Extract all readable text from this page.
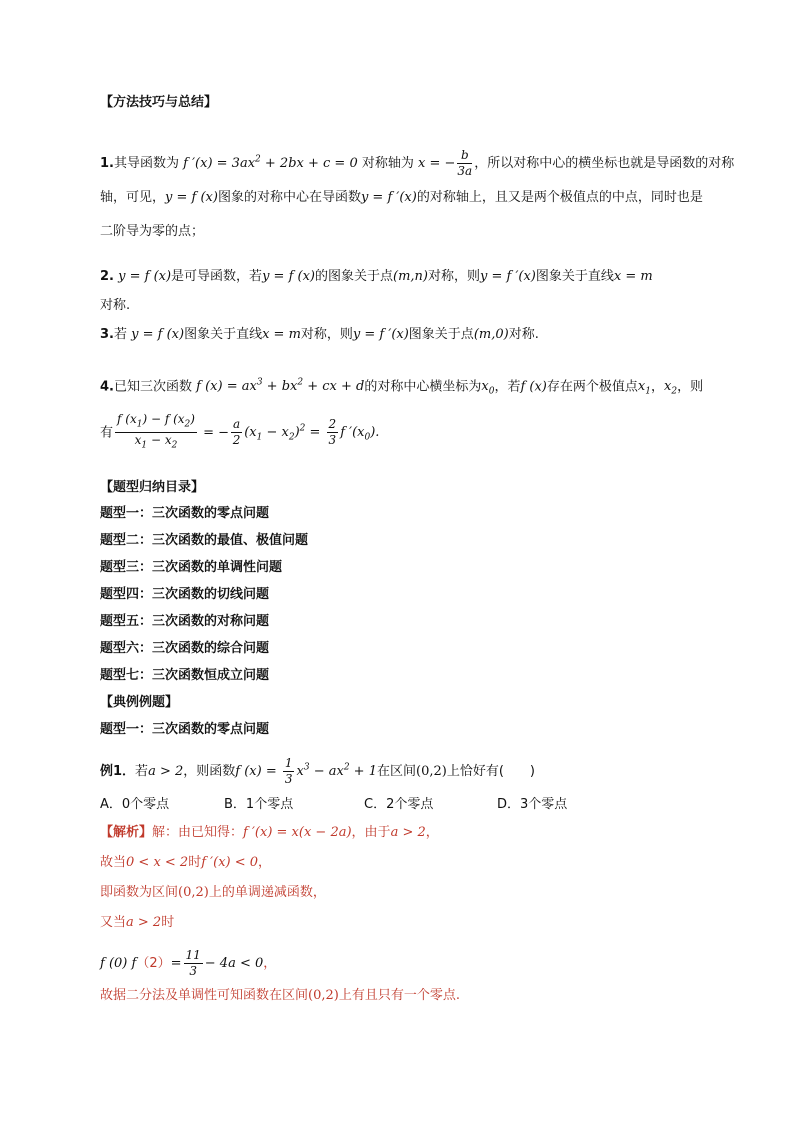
【方法技巧与总结】
1.其导函数为 f $'(x) = 3ax^2 + 2bx + c = 0$ 对称轴为 x = − $\frac{b}{3a}$ ，所以对称中心的横坐标也就是导函数的对称
轴，可见，y = f (x)图象的对称中心在导函数y = f ′(x)的对称轴上，且又是两个极值点的中点，同时也是
二阶导为零的点；
2. y = f (x)是可导函数，若y = f (x)的图象关于点(m,n)对称，则y = f ′(x)图象关于直线x = m
对称.
3.若 y = f (x)图象关于直线x = m对称，则y = f ′(x)图象关于点(m,0)对称.
4.已知三次函数 f $(x) = ax^3 + bx^2$ + cx + d的对称中心横坐标为$x_0$，若f (x)存在两个极值点$x_1$，$x_2$，则
有 $\frac{f (x_1) - f (x_2)}{x_1 - x_2}$ = − $\frac{a}{2} (x_1 - x_2)^2 = \frac{2}{3}$ f $'(x_0)$.
【题型归纳目录】
题型一：三次函数的零点问题
题型二：三次函数的最值、极值问题
题型三：三次函数的单调性问题
题型四：三次函数的切线问题
题型五：三次函数的对称问题
题型六：三次函数的综合问题
题型七：三次函数恒成立问题
【典例例题】
题型一：三次函数的零点问题
例1．若a > 2，则函数f $(x) = \frac{1}{3} x^3 - ax^2 + 1$在区间(0,2)上恰好有(　　)
A．0个零点	B．1个零点	C．2个零点	D．3个零点
【解析】解：由已知得：f ′(x) = x(x − 2a)，由于a > 2，
故当0 < x < 2时f ′(x) < 0，
即函数为区间(0,2)上的单调递减函数，
又当a > 2时
f (0) $f(2)= \frac{11}{3} - 4a < 0$，
故据二分法及单调性可知函数在区间(0,2)上有且只有一个零点.
